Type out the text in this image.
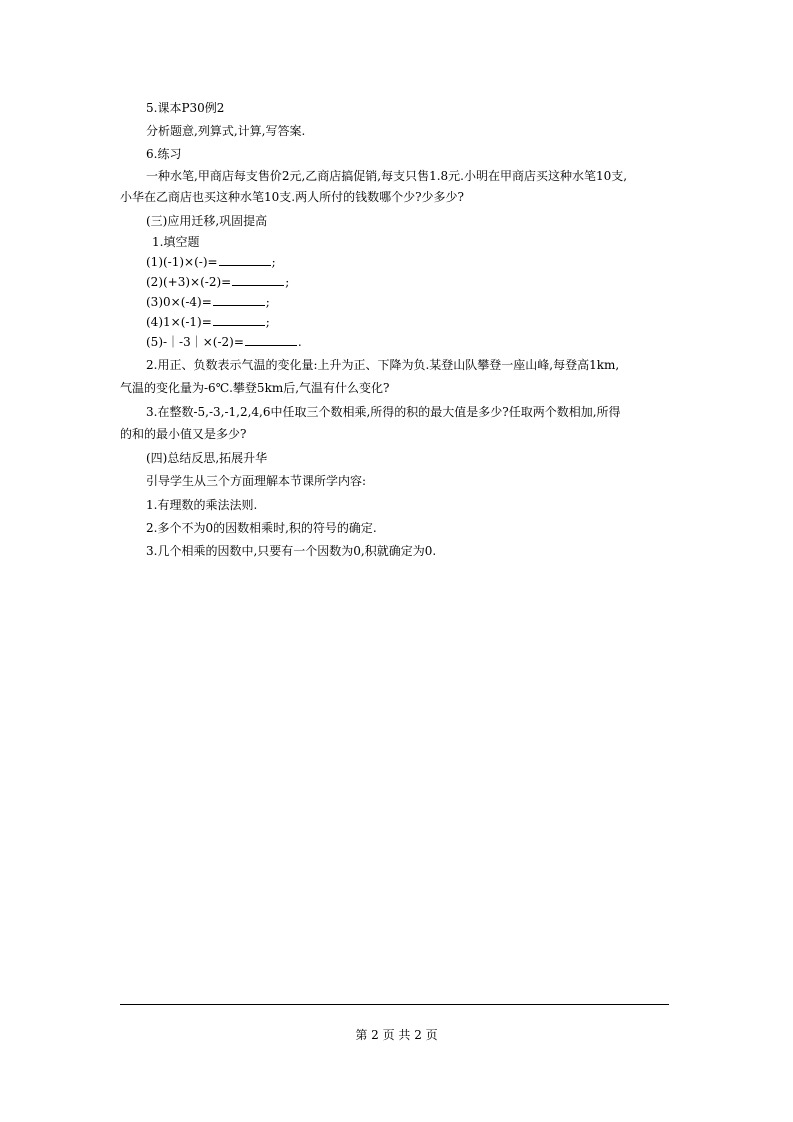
5.课本P30例2
分析题意,列算式,计算,写答案.
6.练习
一种水笔,甲商店每支售价2元,乙商店搞促销,每支只售1.8元.小明在甲商店买这种水笔10支,
小华在乙商店也买这种水笔10支.两人所付的钱数哪个少?少多少?
(三)应用迁移,巩固提高
1.填空题
(1)(-1)×(-)=	;
(2)(+3)×(-2)=	;
(3)0×(-4)=	;
(4)1×(-1)=	;
(5)-｜-3｜×(-2)=	.
2.用正、负数表示气温的变化量:上升为正、下降为负.某登山队攀登一座山峰,每登高1km,
气温的变化量为-6℃.攀登5km后,气温有什么变化?
3.在整数-5,-3,-1,2,4,6中任取三个数相乘,所得的积的最大值是多少?任取两个数相加,所得
的和的最小值又是多少?
(四)总结反思,拓展升华
引导学生从三个方面理解本节课所学内容:
1.有理数的乘法法则.
2.多个不为0的因数相乘时,积的符号的确定.
3.几个相乘的因数中,只要有一个因数为0,积就确定为0.
第 2 页 共 2 页
